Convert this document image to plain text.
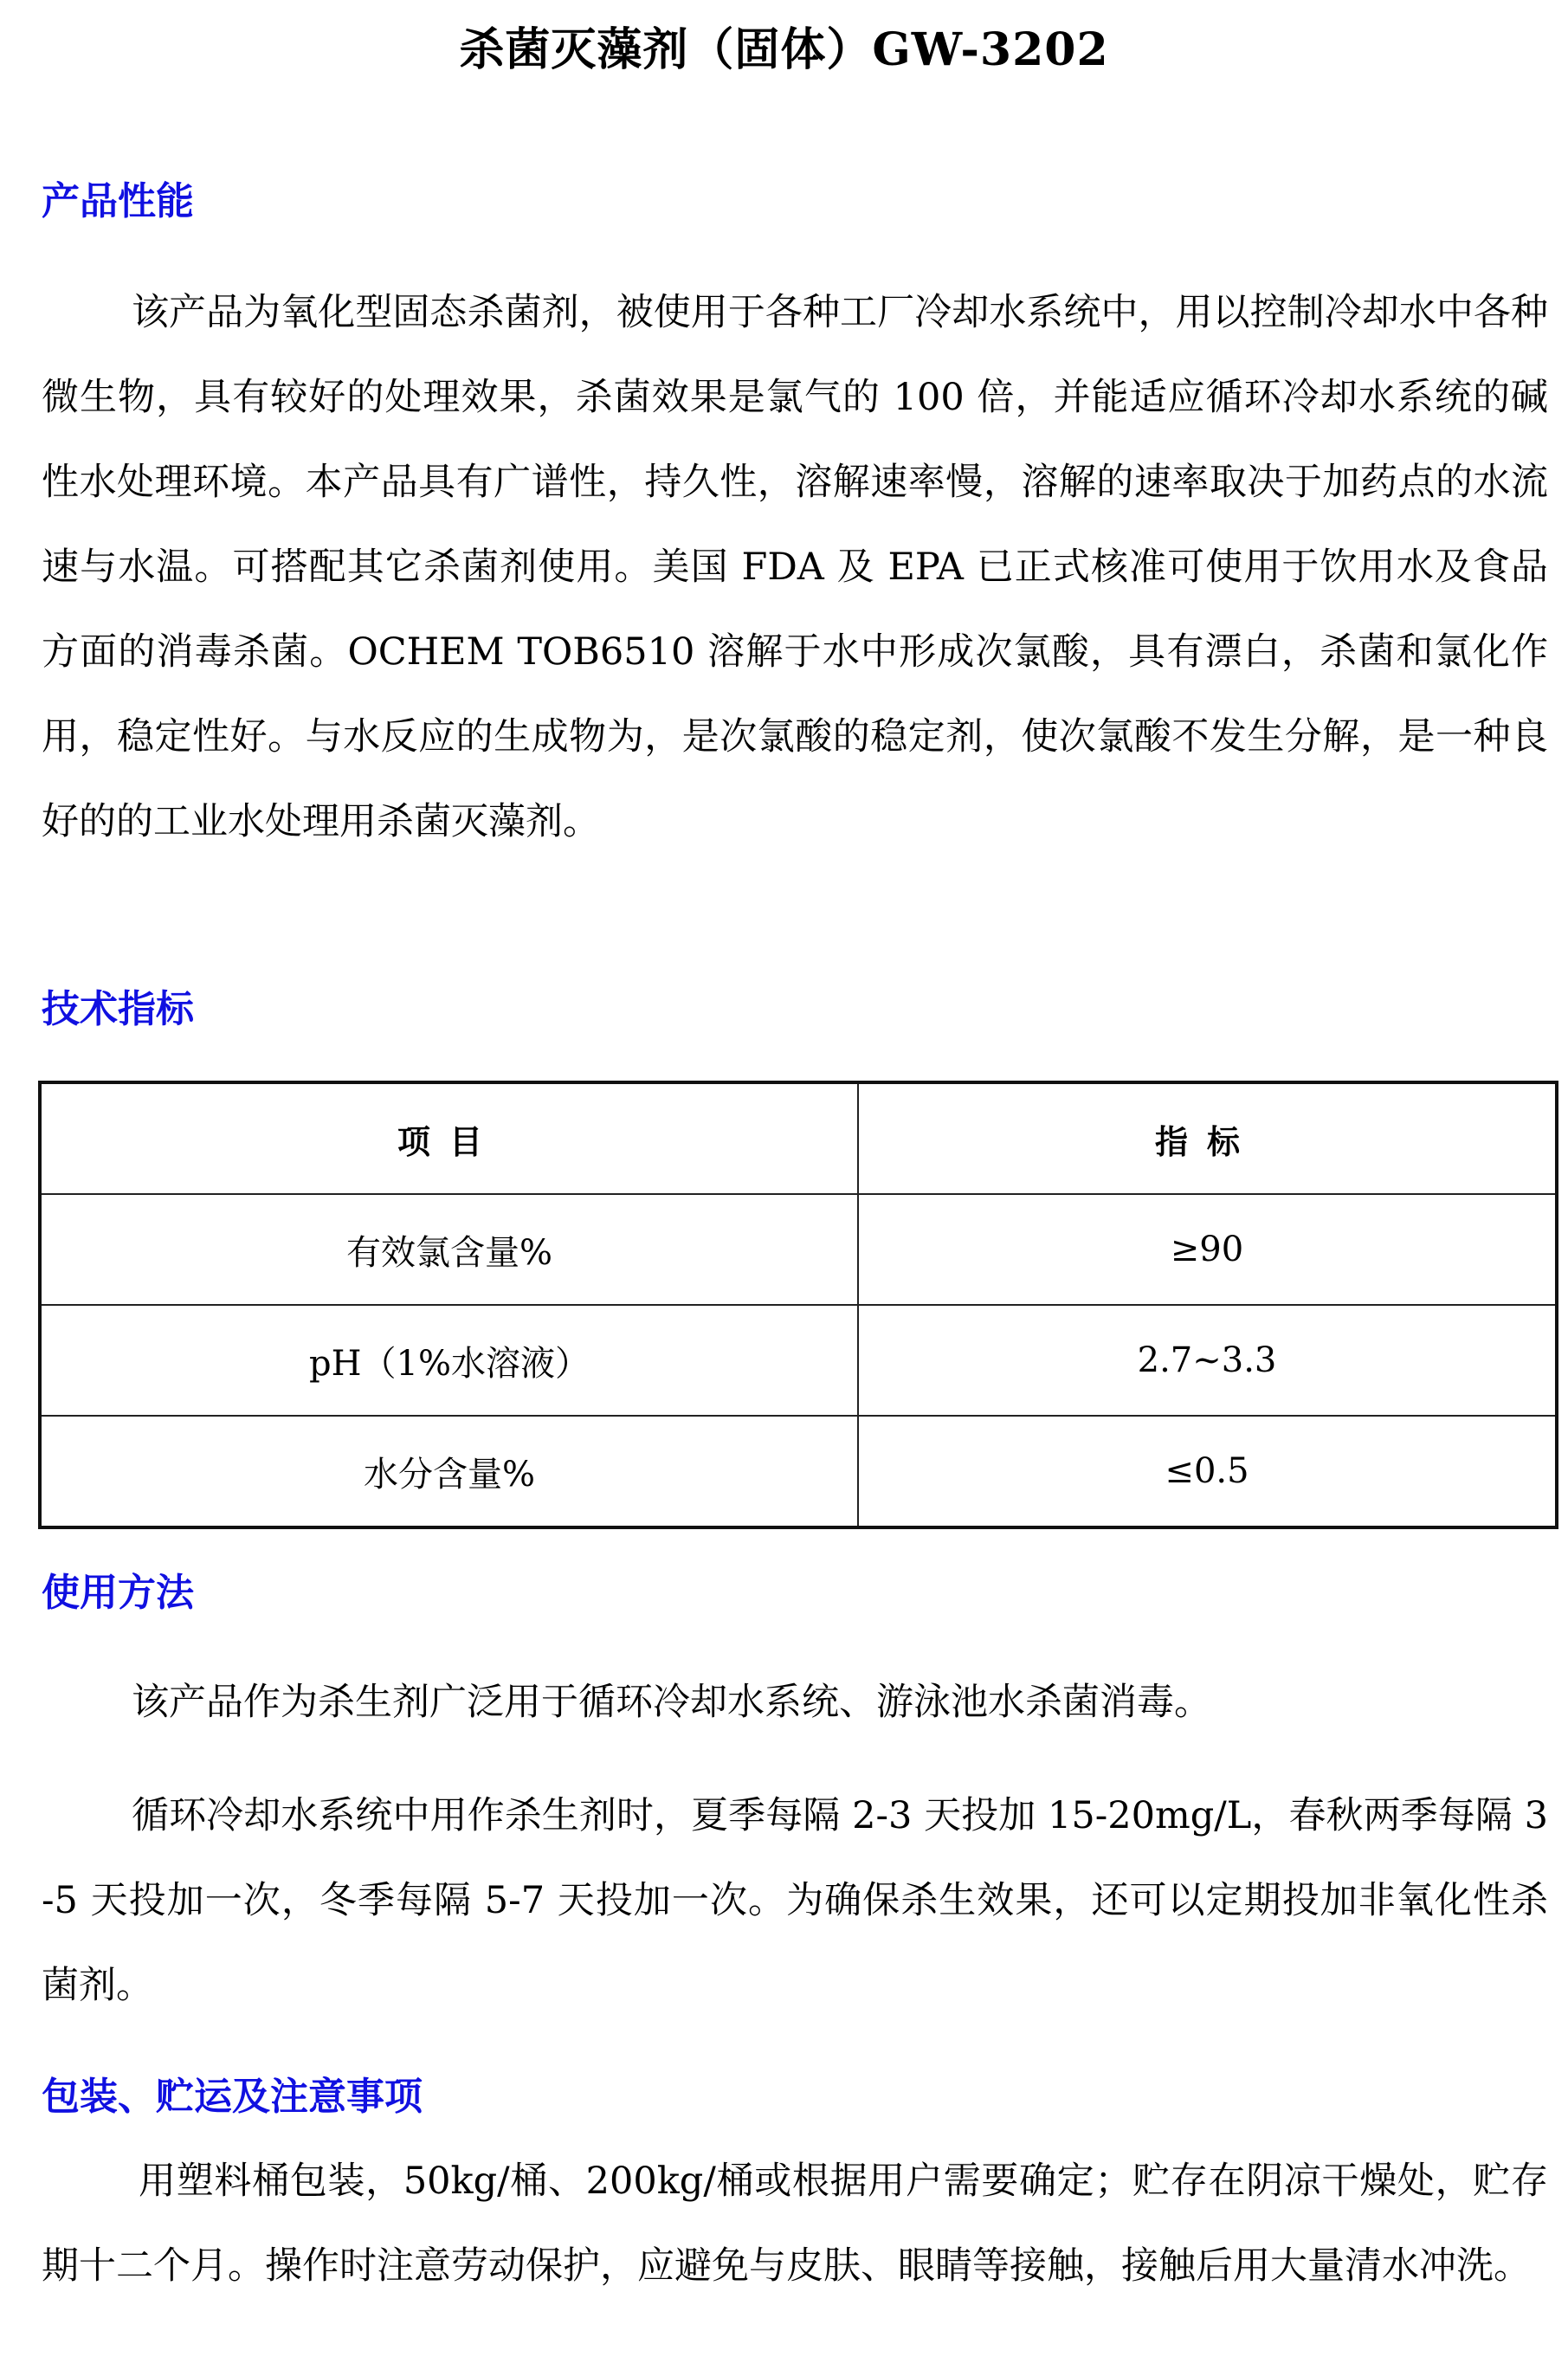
杀菌灭藻剂（固体）GW-3202
产品性能
该产品为氧化型固态杀菌剂，被使用于各种工厂冷却水系统中，用以控制冷却水中各种微生物，具有较好的处理效果，杀菌效果是氯气的 100 倍，并能适应循环冷却水系统的碱性水处理环境。本产品具有广谱性，持久性，溶解速率慢，溶解的速率取决于加药点的水流速与水温。可搭配其它杀菌剂使用。美国 FDA 及 EPA 已正式核准可使用于饮用水及食品方面的消毒杀菌。OCHEM TOB6510 溶解于水中形成次氯酸，具有漂白，杀菌和氯化作用，稳定性好。与水反应的生成物为，是次氯酸的稳定剂，使次氯酸不发生分解，是一种良好的的工业水处理用杀菌灭藻剂。
技术指标
项目	指标
有效氯含量%	≥90
pH（1%水溶液）	2.7~3.3
水分含量%	≤0.5
使用方法
该产品作为杀生剂广泛用于循环冷却水系统、游泳池水杀菌消毒。
循环冷却水系统中用作杀生剂时，夏季每隔 2-3 天投加 15-20mg/L，春秋两季每隔 3-5 天投加一次，冬季每隔 5-7 天投加一次。为确保杀生效果，还可以定期投加非氧化性杀菌剂。
包装、贮运及注意事项
用塑料桶包装，50kg/桶、200kg/桶或根据用户需要确定；贮存在阴凉干燥处，贮存期十二个月。操作时注意劳动保护，应避免与皮肤、眼睛等接触，接触后用大量清水冲洗。
